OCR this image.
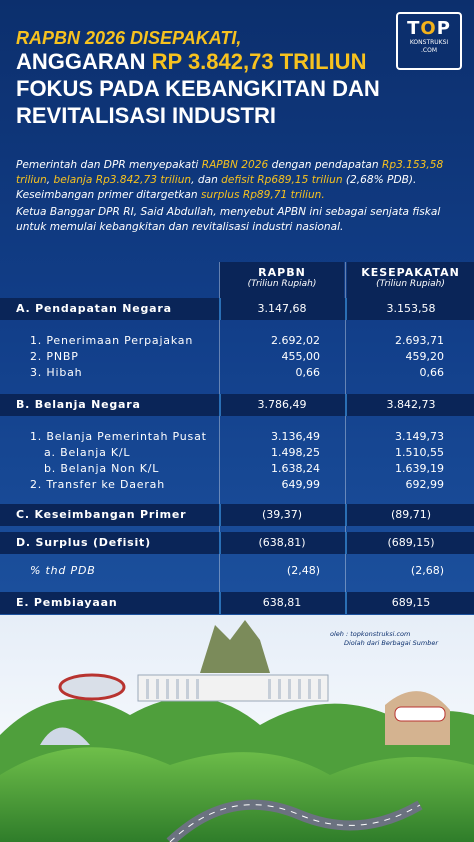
TOP
KONSTRUKSI
.COM
RAPBN 2026 DISEPAKATI,
ANGGARAN RP 3.842,73 TRILIUN
FOKUS PADA KEBANGKITAN DAN
REVITALISASI INDUSTRI

Pemerintah dan DPR menyepakati RAPBN 2026 dengan pendapatan Rp3.153,58 triliun, belanja Rp3.842,73 triliun, dan defisit Rp689,15 triliun (2,68% PDB). Keseimbangan primer ditargetkan surplus Rp89,71 triliun.

Ketua Banggar DPR RI, Said Abdullah, menyebut APBN ini sebagai senjata fiskal untuk memulai kebangkitan dan revitalisasi industri nasional.

RAPBN
(Triliun Rupiah)
KESEPAKATAN
(Triliun Rupiah)
A. Pendapatan Negara	3.147,68	3.153,58
1. Penerimaan Perpajakan	2.692,02	2.693,71
2. PNBP	455,00	459,20
3. Hibah	0,66	0,66
B. Belanja Negara	3.786,49	3.842,73
1. Belanja Pemerintah Pusat	3.136,49	3.149,73
a. Belanja K/L	1.498,25	1.510,55
b. Belanja Non K/L	1.638,24	1.639,19
2. Transfer ke Daerah	649,99	692,99
C. Keseimbangan Primer	(39,37)	(89,71)
D. Surplus (Defisit)	(638,81)	(689,15)
% thd PDB	(2,48)	(2,68)
E. Pembiayaan	638,81	689,15
oleh : topkonstruksi.com
Diolah dari Berbagai Sumber
